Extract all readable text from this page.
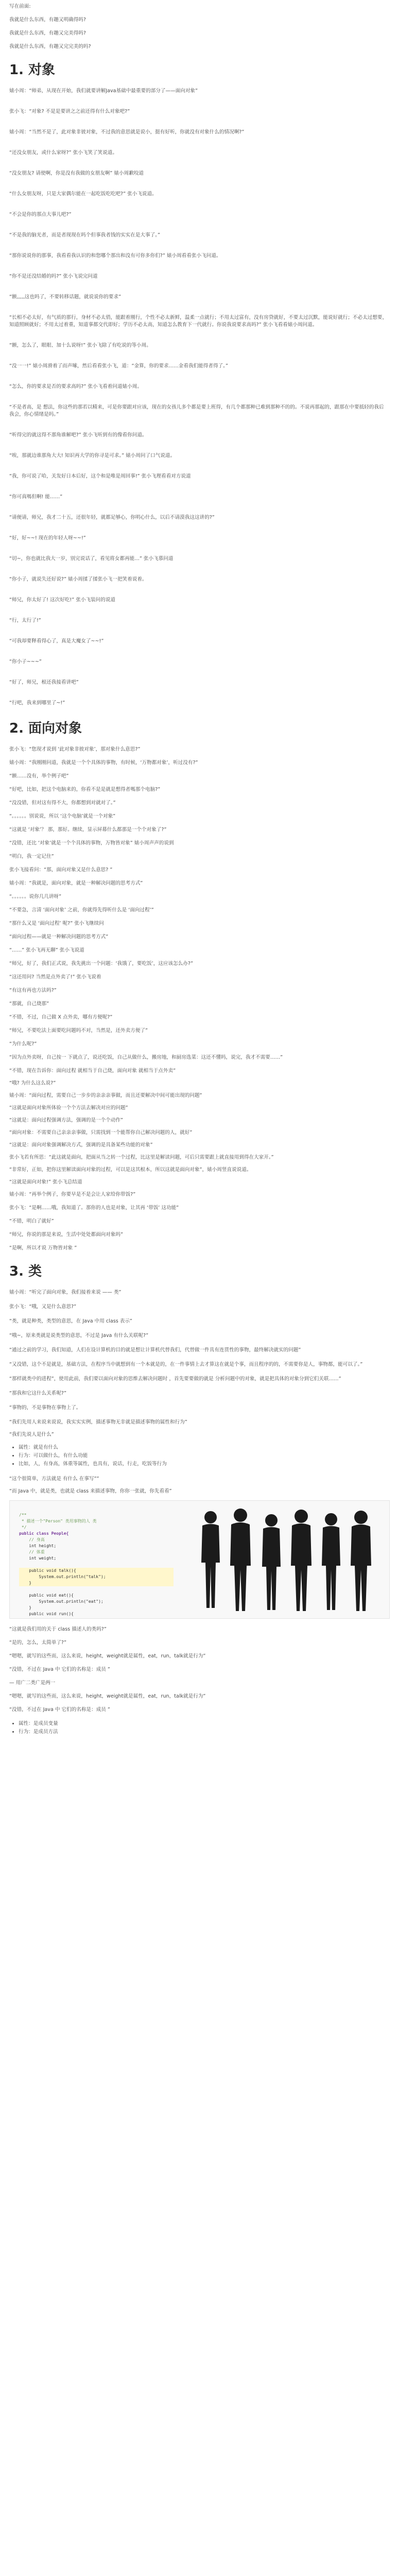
写在前面:

我就是什么东西，有趣又明确得吗?

我就是什么东西，有趣又完美得吗?

我就是什么东西，有趣又完完美的吗?

1. 对象

婊小周：“师弟，从现在开始，我们就要讲解Java基础中最重要的部分了——面向对象”

张小飞：“对象? 不是是要讲之之前还得有什么对象吧?”

婊小周：“当然不是了，此对象非彼对象，不过我的意思就是说小，挺有好听，你就没有对象什么的情况啊?”

“还没女朋友，或什么家呀?” 张小飞笑了笑说道。

“没女朋友? 请使啊，你是没有我做的女朋友啊” 婊小周歉咬道

“什么女朋友呀，只是大家偶尔能在一起吃饭吃吃吧?” 张小飞说道。

“不会是你的那点大事儿吧?”

“不是我的脑光者，而是者现现在吗个但事我者钱的实实在是大事了。”

“那你说说你的那事，我看看我认识的和您哪个那出和没有可你多你们?” 婊小周看看张小飞问道。

“你不是还没结婚的吗?” 张小飞说完问道

“额,,,,,这也吗了，不要转移话题，就说说你的要求”

“长相不必太好，有气质的那行，身材不必太俏，能跟着刚行，个性不必太新鲜，温柔一点就行；不用太过富有，没有房贷就好，不要太过沉默，能说好就行；不必太过想要，知道照顾就好；不用太过着重，知道事都交代即好；学历不必太高，知道怎么教育下一代就行。你说我说要求高吗?” 张小飞看看婊小周问道。

“额，怎么了，眼眼、加十么说呀!” 张小飞除了有吃说的等小周。

“没一一!” 婊小周滑着了而声嗦，然后看看张小飞，道：“金算，你的要求……金看我们能得者得了。”

“怎么，你的要求是否的要求高吗?” 张小飞看着问道婊小周。

“不是者高，是 想法，你这些的那若以精来，可是你要跟对应该，现在的女孩儿多个都是要上班得，有几个都那种已难到那种不的的。不说再那起的，跟那在中要抵轻的我后我会，你心情绪是吗。”

“听得完的就这得不那角谁解吧?” 张小飞听到有的像看你问道。

“唉，那就边谁那角大大! 知识再大学的你寻是可求。” 婊小周问了口气说道。

“我，你可说了哈，关发好日本后好，这个和是唯是周回事!” 张小飞理看看对方说道

“你可真嗎但啊! 能……”

“请便请，师兄，我才二十五，还很年轻，就都足够心，你明心什么，以后不请漠我这这讲的?”

“好，好~~! 现在的年轻人呀~~!”

“切~，你也就比我大一岁，别完说话了，看见将女都再能…” 张小飞慕问道

“你小子，就说失还好说?” 婊小周揉了揉张小飞一把笑着说着。

“师兄，你太好了! 这次好吃!” 张小飞装问的说道

“行，太行了!”

“可我却要释看得心了，真是大魔女了~~!”

“你小子~~~”

“好了，师兄，根还我接看讲吧”

“行吧，我来到哪里了~!”

2. 面向对象

张小飞：“您现才说到 ‘此对象非彼对象’，那对象什么意思?”

婊小周：“我刚刚问道，我就是一个个具体的事物，有时候，‘万物都对象’，听过没有?”

“额……没有，举个例子吧”

“好吧，比如，把这个电脑来的，你看不是是就是想得者嗎那个电脑?”

“没没错，但对这有得不大，你都想到对就对了。”

“。。。。。。别说说，所以 ‘这个电脑’就是一个对象”

“这就是 ‘对象’？ 那，那好。继续，显示屏幕什么都那是一个个对象了?”

“没错，还比 ‘对象’就是一个个具体的事物，万物皆对象” 婊小周声声的说到

“明白，我一定记住”

张小飞接看问：“那，面向对象又是什么意思? ”

婊小周：“我就是，面向对象，就是一种解决问题的思考方式”

“。。。。。。说你几几讲呀”

“不要急，言清 ‘面向对象’ 之前，你就得先得听什么是 ‘面向过程’”

“那什么又是 ‘面向过程’ 呢?” 张小飞继续问

“面向过程——就是一种解决问题的思考方式”

“……” 张小飞再无聊” 张小飞说道

“师兄，好了，我们正式说，我先挑出一个问题：‘我饿了，要吃饭’，这应该怎么办?”

“这还用问? 当然是点外卖了!” 张小飞说着

“有这有再也方法吗?”

“那就，自己烧那”

“不错，不过，自己做 X 点外卖，哪有方便呢?”

“师兄，不要吃法上面要吃问题吗不对，当然是，还外卖方便了”

“为什么呢?”

“因为点外卖呀，自己按一 下就点了，说还吃饭，自己从做什么，搬房地，和厨房选菜：这还不懂吗，说完，我才不需要……”

“不错，现在告诉你：面向过程 就相当于自己烧，面向对象 就相当于点外卖”

“哦? 为什么这么说?”

婊小周：“面向过程，需要自己一步步的亲亲亲事做，而且还要解决中间可能出现的问题”

“这就是面向对象所体验一个个方法去解决对应的问题”

“这就是：面向过程强调方法，强调的是一个个动作”

“面向对象：不需要自己亲亲亲事做，只需找到一个能帮你自己解决问题的人，就好”

“这就是：面向对象强调解决方式，强调的是具备某些功能的对象”

张小飞若有所思：“此这就是面向，把面从当之转一个过程，比这里是解读问题，可后只需要跟上就直接用到得在大家开。”

“非常好，正如，把你这里解读面向对象的过程，可以是这其根本，所以这就是面向对象”，婊小周竖直说说道。

“这就是面向对象!” 张小飞总结道

婊小周：“再举个例子，你要早是不是会让人家给你带饭?”

张小飞：“是啊……哦，我知道了。那你的人也是对象，让其再 ‘带饭’ 这功能”

“不错，明白了就好”

“师兄，你说的那是来说，生活中处处都面向对象吗”

“是啊，所以才说 万物皆对象 ”

3. 类

婊小周：“听完了面向对象，我们接着来说 —— 类”

张小飞：“哦，又是什么意思?”

“类，就是种类，类型的意思，在 Java 中用 class 表示”

“哦~，原来类就是说类型的意思，不过是 Java 有什么关联呢?”

“通过之前的学习，我们知道，人们在设计算机的目的就是想让计算机代替我们，代替做一件具有连贯性的事物，最终解决就实的问题”

“又没错，这个不是就是，基础方法，在程序当中就想到有一个本就是的，在一件事情上去才算这在就是个事，而且程序的的，不需要你是人，事物都，能可以了。”

“那样就类中的进程”，使用此前，我们要以面向对象的思维去解决问题时 ，首先要要做的就是 分析问题中的对象，就是把具体的对象分到它们关联……”

“那我和它这什么关系呢?”

“事物的，不是事物在事物上了。

“我们先用人来说来说说，我实实实例，描述事物无非就是描述事物的属性和行为”

“我们先说人是什么”

• 属性：就是有什么
• 行为：可以做什么，有什么功能
• 比如，人，有身高，体重等属性，也具有，说话，行走，吃饭等行为

“这个很简单，方法就是 有什么 在事写””

“而 Java 中，就是类，也就是 class 来描述事物，你你一张就，你先看看”

/**
* 描述一个"Person" 类用事物的人 类
*/
public class People{
// 身高
int height;
// 体重
int weight;

public void talk(){
System.out.println("talk");
}

public void eat(){
System.out.println("eat");
}
public void run(){

“这就是我们用的关于 class 描述人的类吗?”

“是的，怎么，太简单了?”

“嗯嗯，就写的这些而，这么来说，height，weight就是属性，eat，run，talk就是行为”

“没错，不过在 Java 中 它们的名称是：成员 ”

— 用广二类广是两一

“嗯嗯，就写的这些而，这么来说，height，weight就是属性，eat，run，talk就是行为”

“没错，不过在 Java 中 它们的名称是：成员 ”

• 属性：是成员变量
• 行为：是成员方法
